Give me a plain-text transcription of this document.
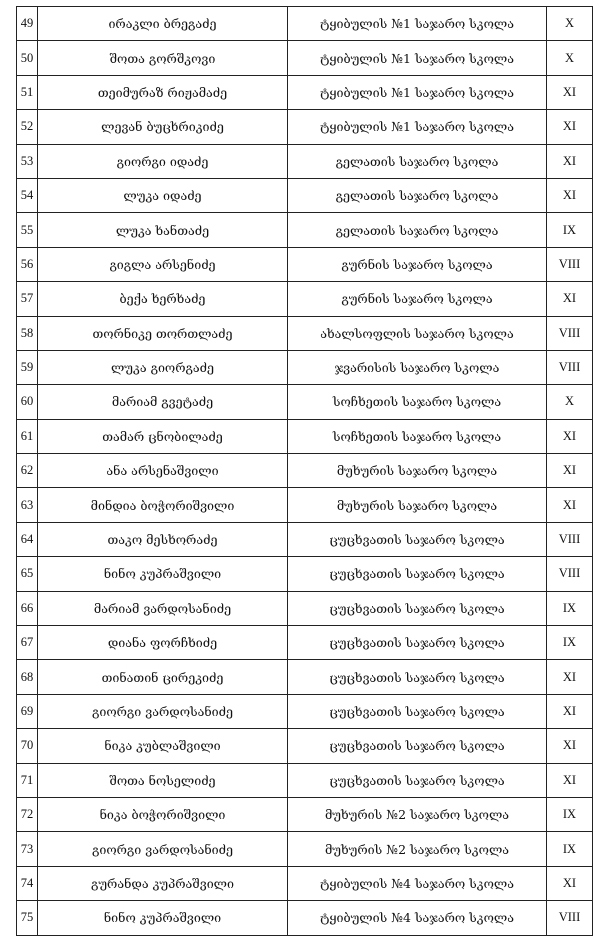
49	ირაკლი ბრეგაძე	ტყიბულის №1 საჯარო სკოლა	X
50	შოთა გორშკოვი	ტყიბულის №1 საჯარო სკოლა	X
51	თეიმურაზ რიჟამაძე	ტყიბულის №1 საჯარო სკოლა	XI
52	ლევან ბუცხრიკიძე	ტყიბულის №1 საჯარო სკოლა	XI
53	გიორგი იდაძე	გელათის საჯარო სკოლა	XI
54	ლუკა იდაძე	გელათის საჯარო სკოლა	XI
55	ლუკა ხანთაძე	გელათის საჯარო სკოლა	IX
56	გიგლა არსენიძე	გურნის საჯარო სკოლა	VIII
57	ბექა ხერხაძე	გურნის საჯარო სკოლა	XI
58	თორნიკე თორთლაძე	ახალსოფლის საჯარო სკოლა	VIII
59	ლუკა გიორგაძე	ჯვარისის საჯარო სკოლა	VIII
60	მარიამ გვეტაძე	სოჩხეთის საჯარო სკოლა	X
61	თამარ ცნობილაძე	სოჩხეთის საჯარო სკოლა	XI
62	ანა არსენაშვილი	მუხურის საჯარო სკოლა	XI
63	მინდია ბოჭორიშვილი	მუხურის საჯარო სკოლა	XI
64	თაკო მესხორაძე	ცუცხვათის საჯარო სკოლა	VIII
65	ნინო კუპრაშვილი	ცუცხვათის საჯარო სკოლა	VIII
66	მარიამ ვარდოსანიძე	ცუცხვათის საჯარო სკოლა	IX
67	დიანა ფორჩხიძე	ცუცხვათის საჯარო სკოლა	IX
68	თინათინ ცირეკიძე	ცუცხვათის საჯარო სკოლა	XI
69	გიორგი ვარდოსანიძე	ცუცხვათის საჯარო სკოლა	XI
70	ნიკა კუბლაშვილი	ცუცხვათის საჯარო სკოლა	XI
71	შოთა ნოსელიძე	ცუცხვათის საჯარო სკოლა	XI
72	ნიკა ბოჭორიშვილი	მუხურის №2 საჯარო სკოლა	IX
73	გიორგი ვარდოსანიძე	მუხურის №2 საჯარო სკოლა	IX
74	გურანდა კუპრაშვილი	ტყიბულის №4 საჯარო სკოლა	XI
75	ნინო კუპრაშვილი	ტყიბულის №4 საჯარო სკოლა	VIII
